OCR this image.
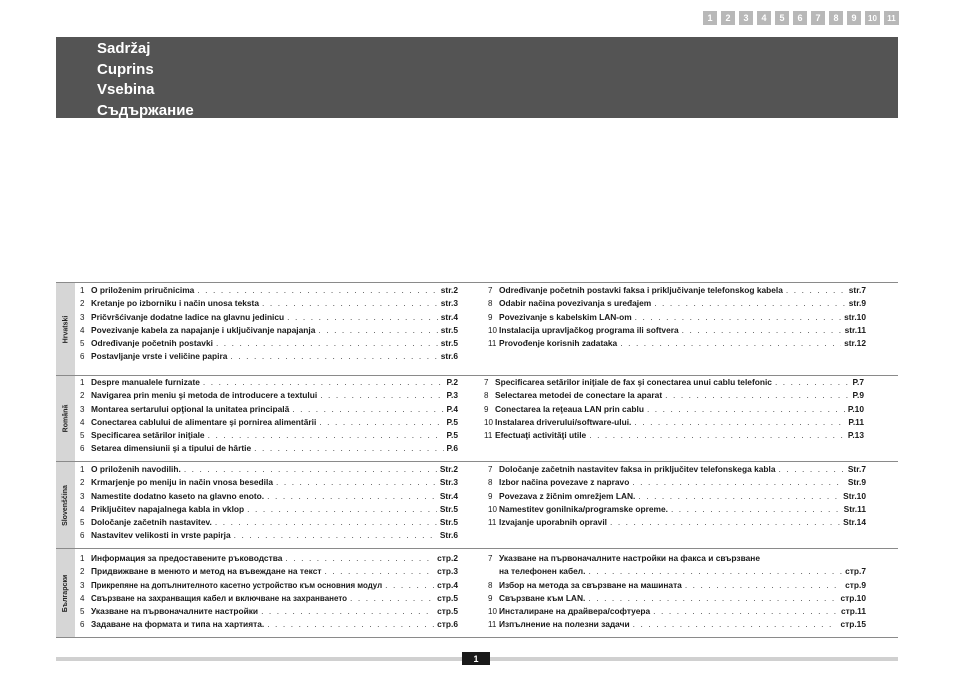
1	2	3	4	5	6	7	8	9	10	11
Sadržaj
Cuprins
Vsebina
Съдържание
Hrvatski
1 O priloženim priručnicima . . .	str.2
2 Kretanje po izborniku i način unosa teksta . . .	str.3
3 Pričvršćivanje dodatne ladice na glavnu jedinicu . . .	str.4
4 Povezivanje kabela za napajanje i uključivanje napajanja . . .	str.5
5 Određivanje početnih postavki . . .	str.5
6 Postavljanje vrste i veličine papira . . .	str.6
7 Određivanje početnih postavki faksa i priključivanje telefonskog kabela . . .	str.7
8 Odabir načina povezivanja s uređajem . . .	str.9
9 Povezivanje s kabelskim LAN-om . . .	str.10
10 Instalacija upravljačkog programa ili softvera . . .	str.11
11 Provođenje korisnih zadataka . . .	str.12
Română
1 Despre manualele furnizate . . .	P.2
2 Navigarea prin meniu şi metoda de introducere a textului . . .	P.3
3 Montarea sertarului opţional la unitatea principală . . .	P.4
4 Conectarea cablului de alimentare şi pornirea alimentării . . .	P.5
5 Specificarea setărilor iniţiale . . .	P.5
6 Setarea dimensiunii şi a tipului de hârtie . . .	P.6
7 Specificarea setărilor iniţiale de fax şi conectarea unui cablu telefonic . . .	P.7
8 Selectarea metodei de conectare la aparat . . .	P.9
9 Conectarea la reţeaua LAN prin cablu . . .	P.10
10 Instalarea driverului/software-ului. . . .	P.11
11 Efectuaţi activităţi utile . . .	P.13
Slovenščina
1 O priloženih navodilih. . . .	Str.2
2 Krmarjenje po meniju in način vnosa besedila . . .	Str.3
3 Namestite dodatno kaseto na glavno enoto. . . .	Str.4
4 Priključitev napajalnega kabla in vklop . . .	Str.5
5 Določanje začetnih nastavitev. . . .	Str.5
6 Nastavitev velikosti in vrste papirja . . .	Str.6
7 Določanje začetnih nastavitev faksa in priključitev telefonskega kabla . . .	Str.7
8 Izbor načina povezave z napravo . . .	Str.9
9 Povezava z žičnim omrežjem LAN. . . .	Str.10
10 Namestitev gonilnika/programske opreme. . . .	Str.11
11 Izvajanje uporabnih opravil . . .	Str.14
Български
1 Информация за предоставените ръководства . . .	стр.2
2 Придвижване в менюто и метод на въвеждане на текст . . .	стр.3
3 Прикрепяне на допълнителното касетно устройство към основния модул . . .	стр.4
4 Свързване на захранващия кабел и включване на захранването . . .	стр.5
5 Указване на първоначалните настройки . . .	стр.5
6 Задаване на формата и типа на хартията. . . .	стр.6
7 Указване на първоначалните настройки на факса и свързване
на телефонен кабел. . . .	стр.7
8 Избор на метода за свързване на машината . . .	стр.9
9 Свързване към LAN. . . .	стр.10
10 Инсталиране на драйвера/софтуера . . .	стр.11
11 Изпълнение на полезни задачи . . .	стр.15
1
